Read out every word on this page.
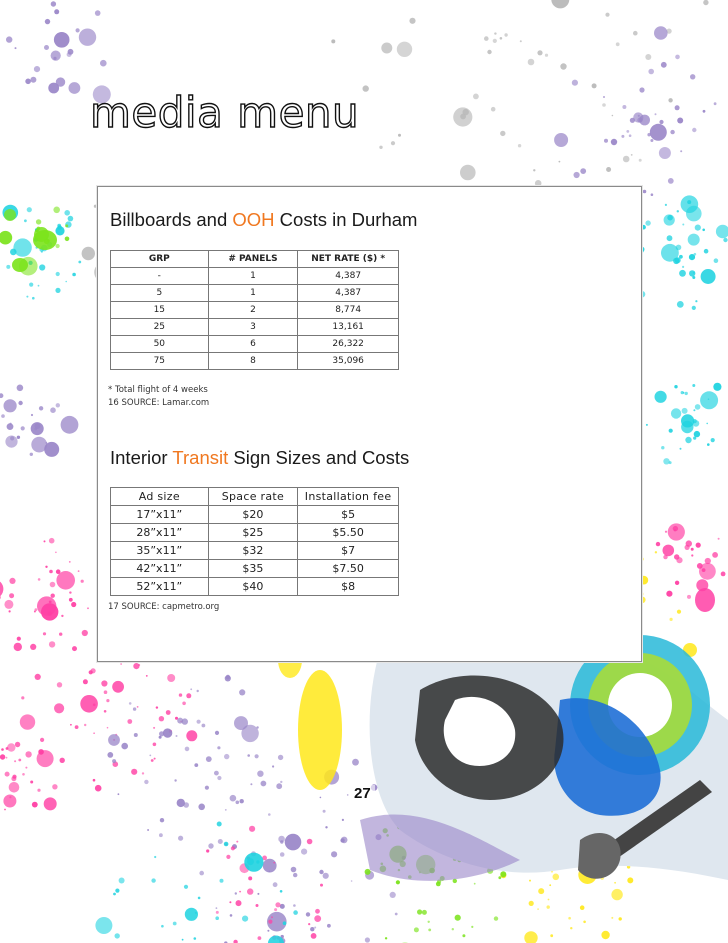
media menu
Billboards and OOH Costs in Durham
GRP	# PANELS	NET RATE ($) *
-	1	4,387
5	1	4,387
15	2	8,774
25	3	13,161
50	6	26,322
75	8	35,096

* Total flight of 4 weeks

16 SOURCE: Lamar.com

Interior Transit Sign Sizes and Costs
Ad size	Space rate	Installation fee
17”x11”	$20	$5
28”x11”	$25	$5.50
35”x11”	$32	$7
42”x11”	$35	$7.50
52”x11”	$40	$8

17 SOURCE: capmetro.org

27
